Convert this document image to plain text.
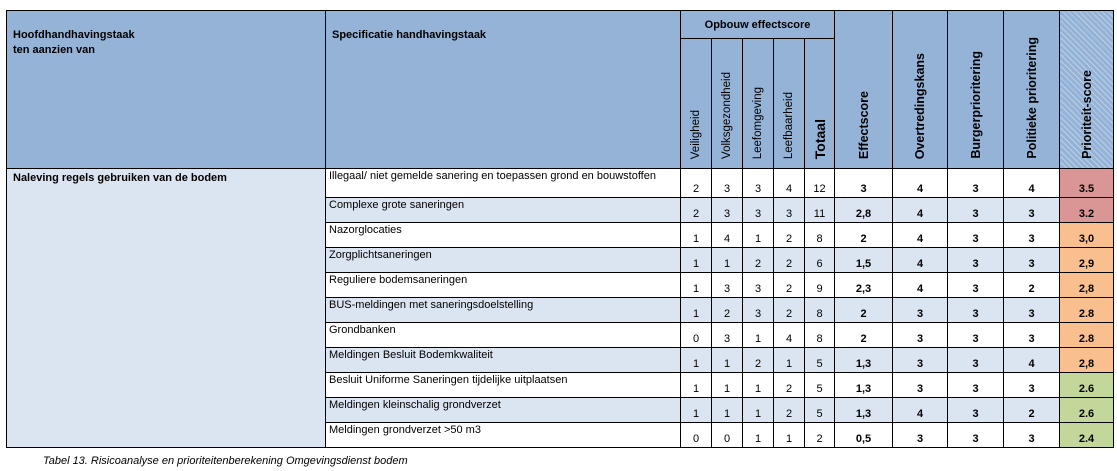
Hoofdhandhavingstaak
ten aanzien van	Specificatie handhavingstaak	Opbouw effectscore					Effectscore	Overtredingskans	Burgerprioritering	Politieke prioritering	Prioriteit-score
		Veiligheid	Volksgezondheid	Leefomgeving	Leefbaarheid	Totaal					
Naleving regels gebruiken van de bodem	Illegaal/ niet gemelde sanering en toepassen grond en bouwstoffen	2	3	3	4	12	3	4	3	4	3.5
	Complexe grote saneringen	2	3	3	3	11	2,8	4	3	3	3.2
	Nazorglocaties	1	4	1	2	8	2	4	3	3	3,0
	Zorgplichtsaneringen	1	1	2	2	6	1,5	4	3	3	2,9
	Reguliere bodemsaneringen	1	3	3	2	9	2,3	4	3	2	2,8
	BUS-meldingen met saneringsdoelstelling	1	2	3	2	8	2	3	3	3	2.8
	Grondbanken	0	3	1	4	8	2	3	3	3	2.8
	Meldingen Besluit Bodemkwaliteit	1	1	2	1	5	1,3	3	3	4	2,8
	Besluit Uniforme Saneringen tijdelijke uitplaatsen	1	1	1	2	5	1,3	3	3	3	2.6
	Meldingen kleinschalig grondverzet	1	1	1	2	5	1,3	4	3	2	2.6
	Meldingen grondverzet >50 m3	0	0	1	1	2	0,5	3	3	3	2.4
Tabel 13. Risicoanalyse en prioriteitenberekening Omgevingsdienst bodem
